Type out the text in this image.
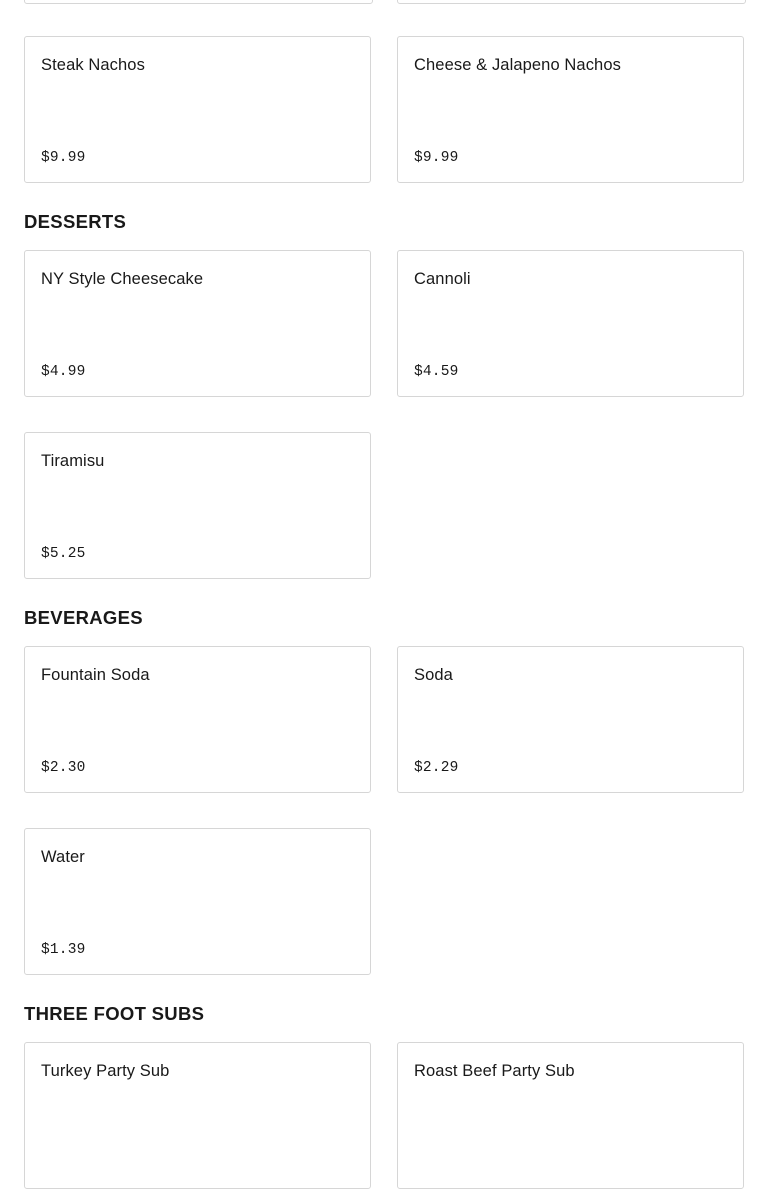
Steak Nachos
$9.99
Cheese & Jalapeno Nachos
$9.99
DESSERTS
NY Style Cheesecake
$4.99
Cannoli
$4.59
Tiramisu
$5.25
BEVERAGES
Fountain Soda
$2.30
Soda
$2.29
Water
$1.39
THREE FOOT SUBS
Turkey Party Sub	Roast Beef Party Sub
